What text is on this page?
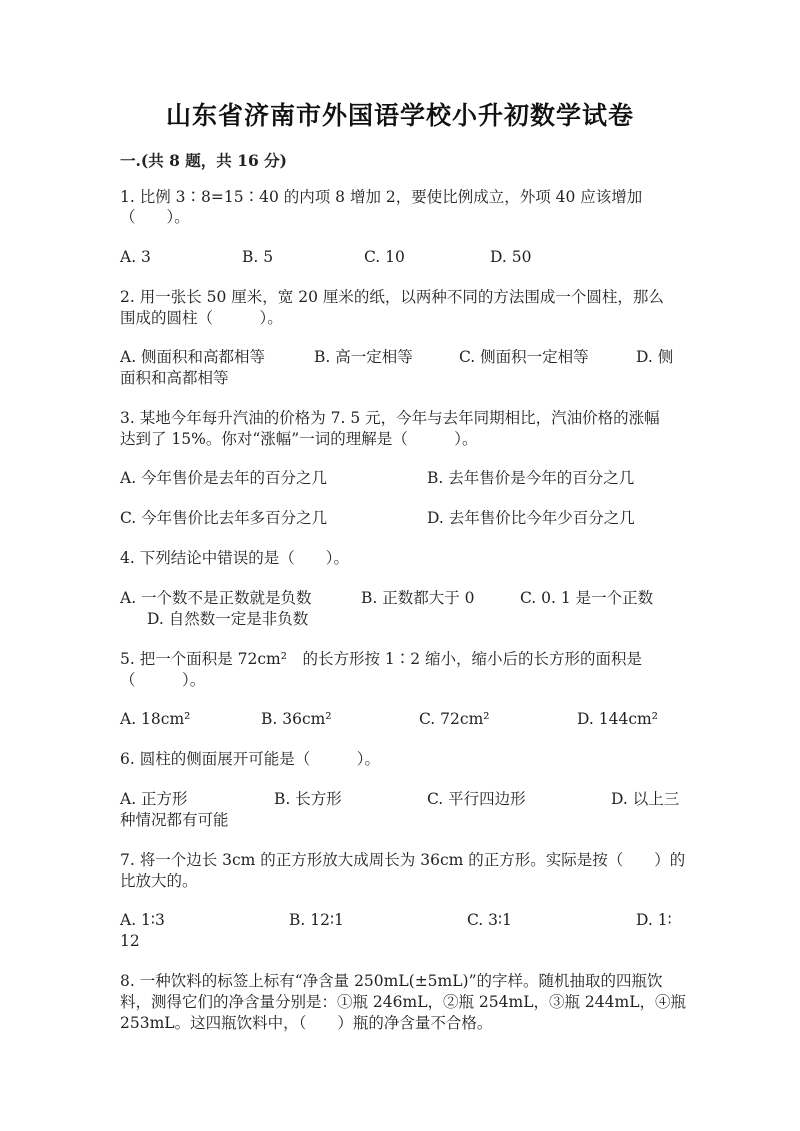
山东省济南市外国语学校小升初数学试卷
一.(共 8 题，共 16 分)
1. 比例 3∶8=15∶40 的内项 8 增加 2，要使比例成立，外项 40 应该增加
（　　）。
A. 3	B. 5	C. 10	D. 50
2. 用一张长 50 厘米，宽 20 厘米的纸，以两种不同的方法围成一个圆柱，那么
围成的圆柱（　　　）。
A. 侧面积和高都相等	B. 高一定相等	C. 侧面积一定相等	D. 侧
面积和高都相等
3. 某地今年每升汽油的价格为 7. 5 元，今年与去年同期相比，汽油价格的涨幅
达到了 15%。你对“涨幅”一词的理解是（　　　）。
A. 今年售价是去年的百分之几	B. 去年售价是今年的百分之几
C. 今年售价比去年多百分之几	D. 去年售价比今年少百分之几
4. 下列结论中错误的是（　　）。
A. 一个数不是正数就是负数	B. 正数都大于 0	C. 0. 1 是一个正数
D. 自然数一定是非负数
5. 把一个面积是 72cm²　的长方形按 1∶2 缩小，缩小后的长方形的面积是
（　　　）。
A. 18cm²	B. 36cm²	C. 72cm²	D. 144cm²
6. 圆柱的侧面展开可能是（　　　）。
A. 正方形	B. 长方形	C. 平行四边形	D. 以上三
种情况都有可能
7. 将一个边长 3cm 的正方形放大成周长为 36cm 的正方形。实际是按（　　）的
比放大的。
A. 1∶3	B. 12∶1	C. 3∶1	D. 1∶
12
8. 一种饮料的标签上标有“净含量 250mL(±5mL)”的字样。随机抽取的四瓶饮
料，测得它们的净含量分别是：①瓶 246mL，②瓶 254mL，③瓶 244mL，④瓶
253mL。这四瓶饮料中，（　　）瓶的净含量不合格。
